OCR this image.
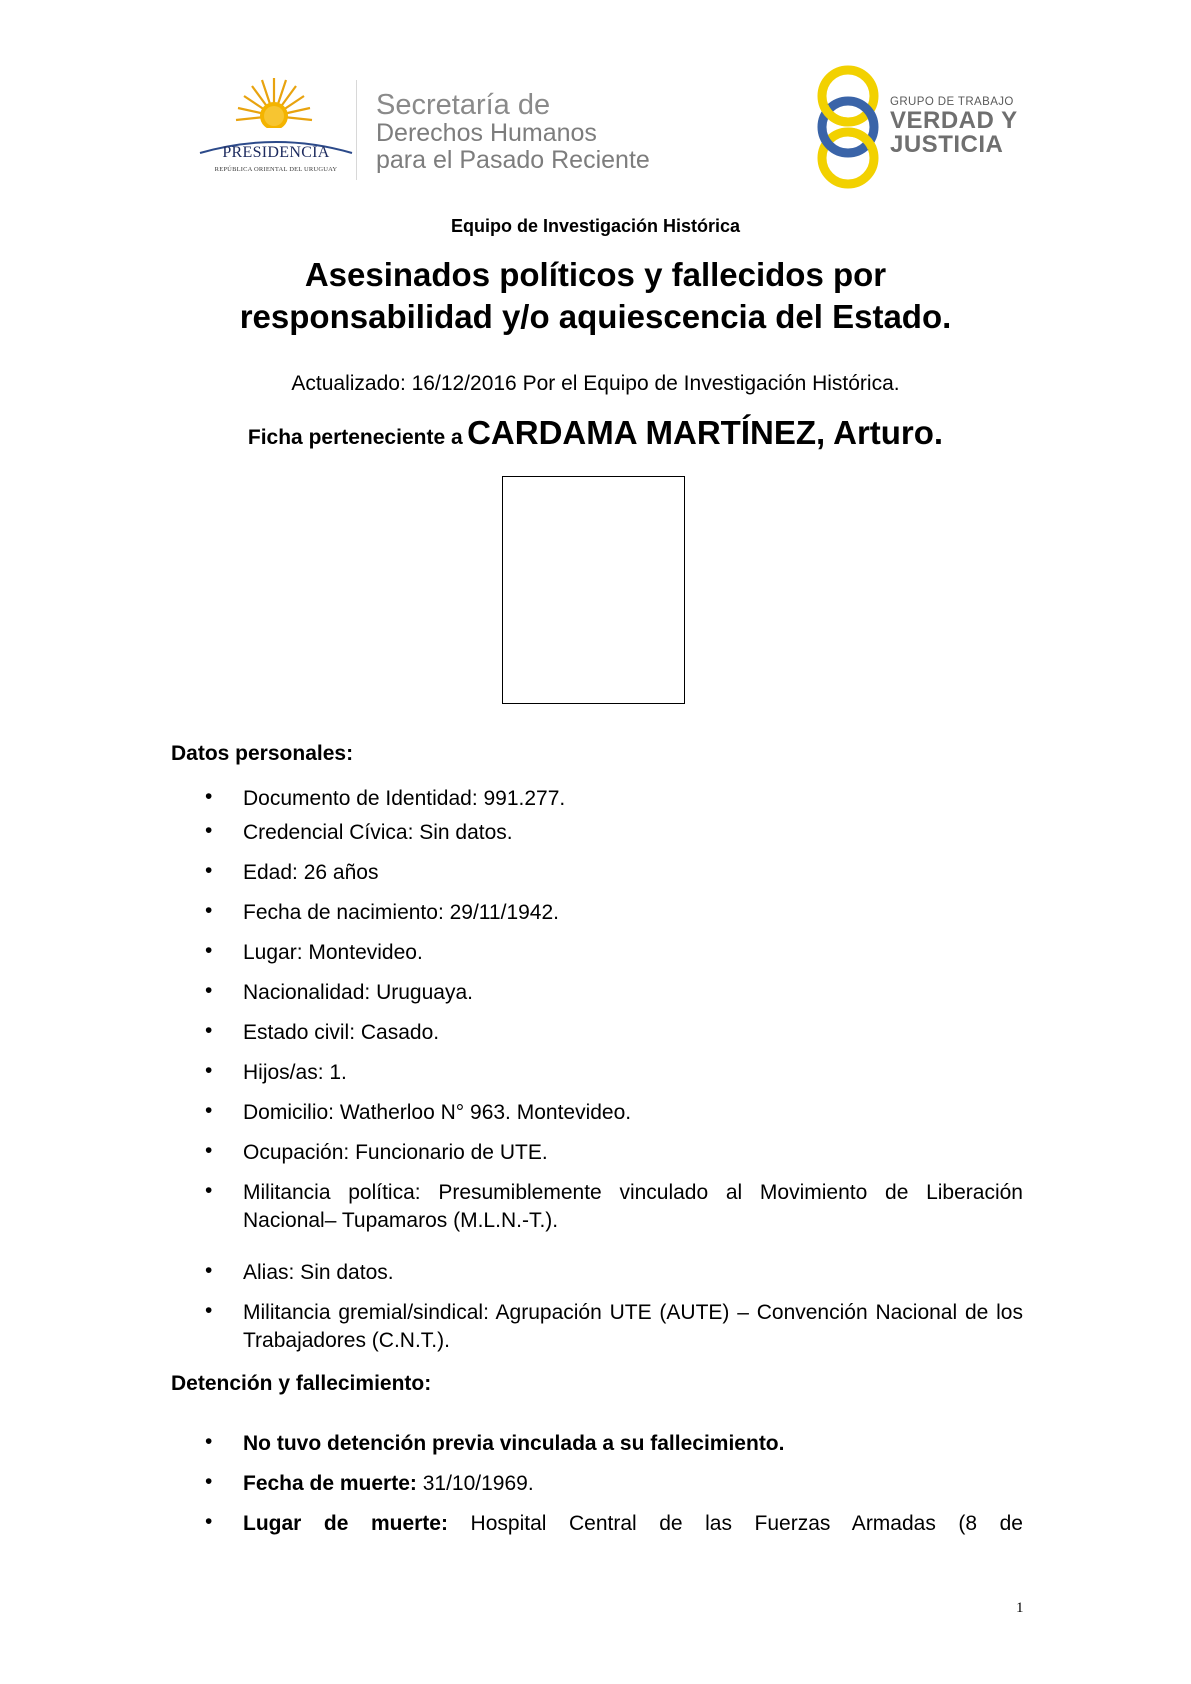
PRESIDENCIA
REPÚBLICA ORIENTAL DEL URUGUAY
Secretaría de
Derechos Humanos
para el Pasado Reciente
GRUPO DE TRABAJO
VERDAD Y
JUSTICIA
Equipo de Investigación Histórica
Asesinados políticos y fallecidos por
responsabilidad y/o aquiescencia del Estado.
Actualizado: 16/12/2016 Por el Equipo de Investigación Histórica.
Ficha perteneciente a CARDAMA MARTÍNEZ, Arturo.
Datos personales:
• Documento de Identidad: 991.277.
• Credencial Cívica: Sin datos.
• Edad: 26 años
• Fecha de nacimiento: 29/11/1942.
• Lugar: Montevideo.
• Nacionalidad: Uruguaya.
• Estado civil: Casado.
• Hijos/as: 1.
• Domicilio: Watherloo N° 963. Montevideo.
• Ocupación: Funcionario de UTE.
• Militancia política: Presumiblemente vinculado al Movimiento de Liberación Nacional– Tupamaros (M.L.N.-T.).
• Alias: Sin datos.
• Militancia gremial/sindical: Agrupación UTE (AUTE) – Convención Nacional de los Trabajadores (C.N.T.).
Detención y fallecimiento:
• No tuvo detención previa vinculada a su fallecimiento.
• Fecha de muerte: 31/10/1969.
• Lugar de muerte: Hospital Central de las Fuerzas Armadas (8 de
1
